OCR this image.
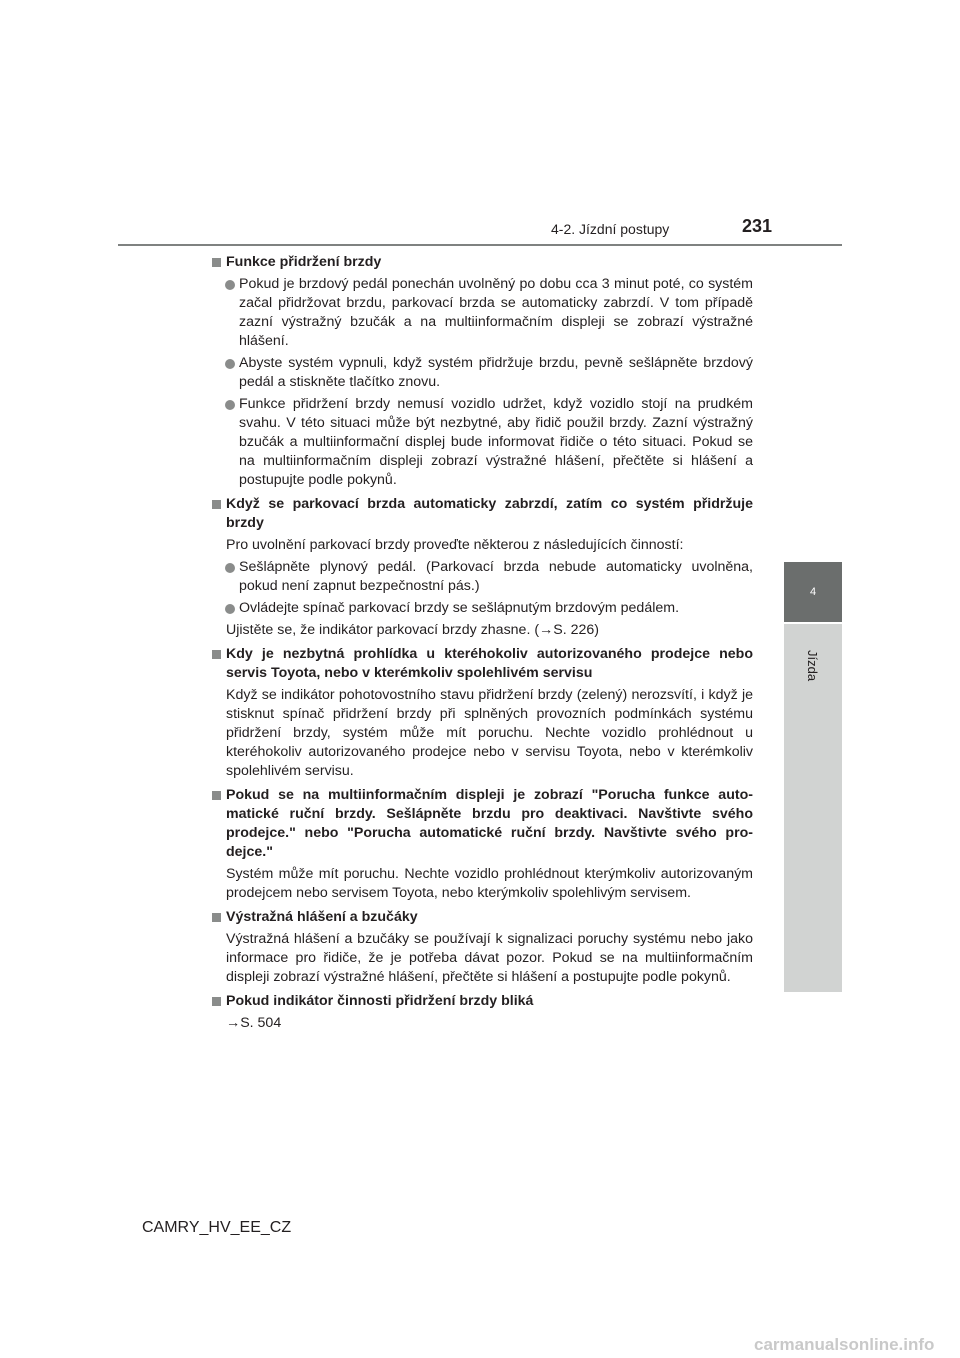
4-2. Jízdní postupy	231
4
Jízda
Funkce přidržení brzdy
Pokud je brzdový pedál ponechán uvolněný po dobu cca 3 minut poté, co systém začal přidržovat brzdu, parkovací brzda se automaticky zabrzdí. V tom případě zazní výstražný bzučák a na multiinformačním displeji se zobrazí výstražné hlášení.
Abyste systém vypnuli, když systém přidržuje brzdu, pevně sešlápněte brzdový pedál a stiskněte tlačítko znovu.
Funkce přidržení brzdy nemusí vozidlo udržet, když vozidlo stojí na prudkém svahu. V této situaci může být nezbytné, aby řidič použil brzdy. Zazní výstražný bzučák a multiinformační displej bude informovat řidiče o této situaci. Pokud se na multiinformačním displeji zobrazí výstražné hlášení, přečtěte si hlášení a postupujte podle pokynů.
Když se parkovací brzda automaticky zabrzdí, zatím co systém přidržuje brzdy
Pro uvolnění parkovací brzdy proveďte některou z následujících činností:
Sešlápněte plynový pedál. (Parkovací brzda nebude automaticky uvolněna, pokud není zapnut bezpečnostní pás.)
Ovládejte spínač parkovací brzdy se sešlápnutým brzdovým pedálem.
Ujistěte se, že indikátor parkovací brzdy zhasne. (→S. 226)
Kdy je nezbytná prohlídka u kteréhokoliv autorizovaného prodejce nebo servis Toyota, nebo v kterémkoliv spolehlivém servisu
Když se indikátor pohotovostního stavu přidržení brzdy (zelený) nerozsvítí, i když je stisknut spínač přidržení brzdy při splněných provozních podmínkách systému přidržení brzdy, systém může mít poruchu. Nechte vozidlo prohlédnout u kteréhokoliv autorizovaného prodejce nebo v servisu Toyota, nebo v kterémkoliv spolehlivém servisu.
Pokud se na multiinformačním displeji je zobrazí "Porucha funkce automatické ruční brzdy. Sešlápněte brzdu pro deaktivaci. Navštivte svého prodejce." nebo "Porucha automatické ruční brzdy. Navštivte svého prodejce."
Systém může mít poruchu. Nechte vozidlo prohlédnout kterýmkoliv autorizovaným prodejcem nebo servisem Toyota, nebo kterýmkoliv spolehlivým servisem.
Výstražná hlášení a bzučáky
Výstražná hlášení a bzučáky se používají k signalizaci poruchy systému nebo jako informace pro řidiče, že je potřeba dávat pozor. Pokud se na multiinformačním displeji zobrazí výstražné hlášení, přečtěte si hlášení a postupujte podle pokynů.
Pokud indikátor činnosti přidržení brzdy bliká
→S. 504
CAMRY_HV_EE_CZ
carmanualsonline.info
